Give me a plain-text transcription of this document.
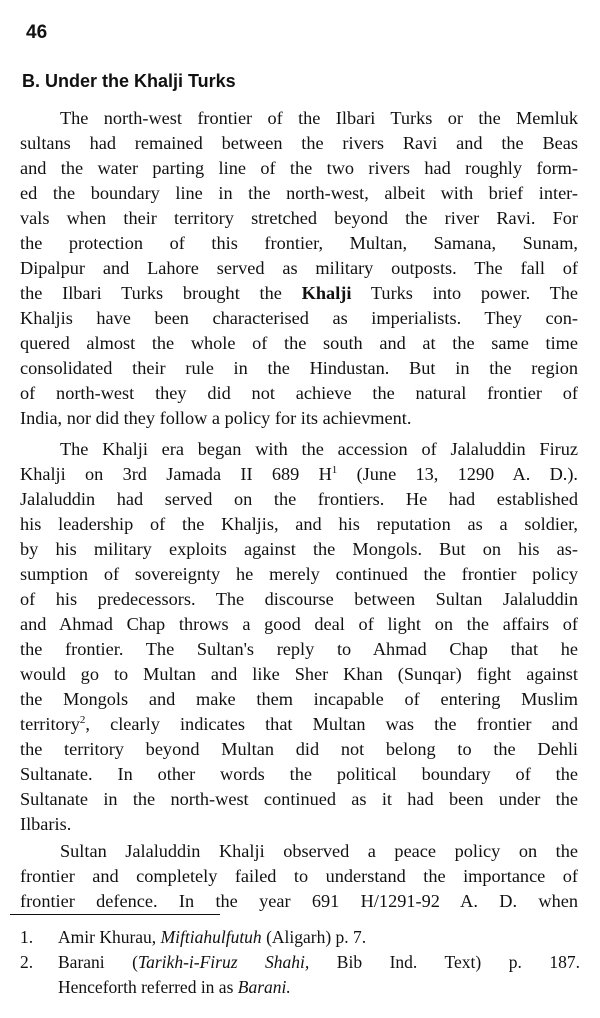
46
B. Under the Khalji Turks
The north-west frontier of the Ilbari Turks or the Memluk
sultans had remained between the rivers Ravi and the Beas
and the water parting line of the two rivers had roughly form-
ed the boundary line in the north-west, albeit with brief inter-
vals when their territory stretched beyond the river Ravi. For
the protection of this frontier, Multan, Samana, Sunam,
Dipalpur and Lahore served as military outposts. The fall of
the Ilbari Turks brought the Khalji Turks into power. The
Khaljis have been characterised as imperialists. They con-
quered almost the whole of the south and at the same time
consolidated their rule in the Hindustan. But in the region
of north-west they did not achieve the natural frontier of
India, nor did they follow a policy for its achievment.
The Khalji era began with the accession of Jalaluddin Firuz
Khalji on 3rd Jamada II 689 $H^1$ (June 13, 1290 A. D.).
Jalaluddin had served on the frontiers. He had established
his leadership of the Khaljis, and his reputation as a soldier,
by his military exploits against the Mongols. But on his as-
sumption of sovereignty he merely continued the frontier policy
of his predecessors. The discourse between Sultan Jalaluddin
and Ahmad Chap throws a good deal of light on the affairs of
the frontier. The Sultan's reply to Ahmad Chap that he
would go to Multan and like Sher Khan (Sunqar) fight against
the Mongols and make them incapable of entering Muslim
territory$^2$, clearly indicates that Multan was the frontier and
the territory beyond Multan did not belong to the Dehli
Sultanate. In other words the political boundary of the
Sultanate in the north-west continued as it had been under the
Ilbaris.
Sultan Jalaluddin Khalji observed a peace policy on the
frontier and completely failed to understand the importance of
frontier defence. In the year 691 H/1291-92 A. D. when
1. Amir Khurau, Miftiahulfutuh (Aligarh) p. 7.
2. Barani (Tarikh-i-Firuz Shahi, Bib Ind. Text) p. 187.
Henceforth referred in as Barani.
